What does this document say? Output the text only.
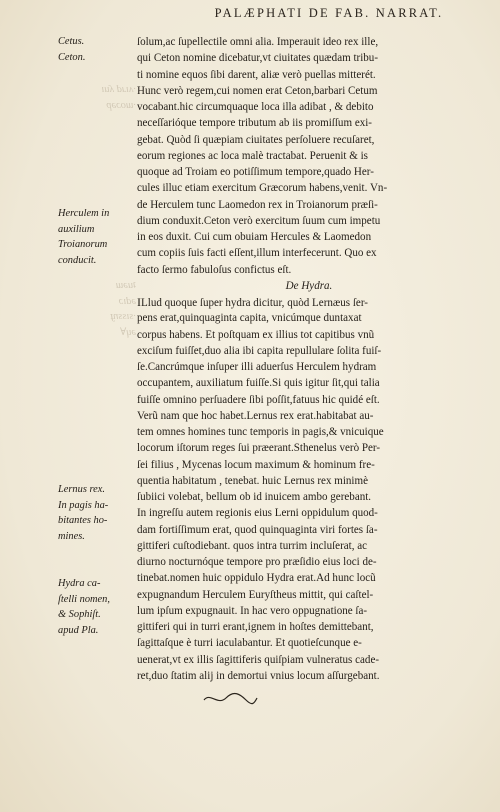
PALÆPHATI DE FAB. NARRAT.
·ʌıɹd ʎuı
·ɯoɔǝp
ʇuǝɯ
ǝdıɔ
·sıssnɟ
ǝɥ∀
Cetus.
Ceton.
Herculem in
auxilium
Troianorum
conducit.
Lernus rex.
In pagis ha-
bitantes ho-
mines.
Hydra ca-
ſtelli nomen,
& Sophiſt.
apud Pla.
ſolum,ac ſupellectile omni alia. Imperauit ideo rex ille,
qui Ceton nomine dicebatur,vt ciuitates quædam tribu-
ti nomine equos ſibi darent, aliæ verò puellas mitterét.
Hunc verò regem,cui nomen erat Ceton,barbari Cetum
vocabant.hic circumquaque loca illa adibat , & debito
neceſſarióque tempore tributum ab iis promiſſum exi-
gebat. Quòd ſi quæpiam ciuitates perſoluere recuſaret,
eorum regiones ac loca malè tractabat. Peruenit & is
quoque ad Troiam eo potiſſimum tempore,quado Her-
cules illuc etiam exercitum Græcorum habens,venit. Vn-
de Herculem tunc Laomedon rex in Troianorum præſi-
dium conduxit.Ceton verò exercitum ſuum cum impetu
in eos duxit. Cui cum obuiam Hercules & Laomedon
cum copiis ſuis facti eſſent,illum interfecerunt. Quo ex
facto ſermo fabuloſus confictus eſt.
De Hydra.
ILlud quoque ſuper hydra dicitur, quòd Lernæus ſer-
pens erat,quinquaginta capita, vnicúmque duntaxat
corpus habens. Et poſtquam ex illius tot capitibus vnũ
exciſum fuiſſet,duo alia ibi capita repullulare ſolita fuiſ-
ſe.Cancrúmque inſuper illi aduerſus Herculem hydram
occupantem, auxiliatum fuiſſe.Si quis igitur ſit,qui talia
fuiſſe omnino perſuadere ſibi poſſit,fatuus hic quidé eſt.
Verũ nam que hoc habet.Lernus rex erat.habitabat au-
tem omnes homines tunc temporis in pagis,& vnicuique
locorum iſtorum reges ſui præerant.Sthenelus verò Per-
ſei filius , Mycenas locum maximum & hominum fre-
quentia habitatum , tenebat. huic Lernus rex minimè
ſubiici volebat, bellum ob id inuicem ambo gerebant.
In ingreſſu autem regionis eius Lerni oppidulum quod-
dam fortiſſimum erat, quod quinquaginta viri fortes ſa-
gittiferi cuſtodiebant. quos intra turrim incluſerat, ac
diurno nocturnóque tempore pro præſidio eius loci de-
tinebat.nomen huic oppidulo Hydra erat.Ad hunc locũ
expugnandum Herculem Euryſtheus mittit, qui caſtel-
lum ipſum expugnauit. In hac vero oppugnatione ſa-
gittiferi qui in turri erant,ignem in hoſtes demittebant,
ſagittaſque è turri iaculabantur. Et quotieſcunque e-
uenerat,vt ex illis ſagittiferis quiſpiam vulneratus cade-
ret,duo ſtatim alij in demortui vnius locum aſſurgebant.
